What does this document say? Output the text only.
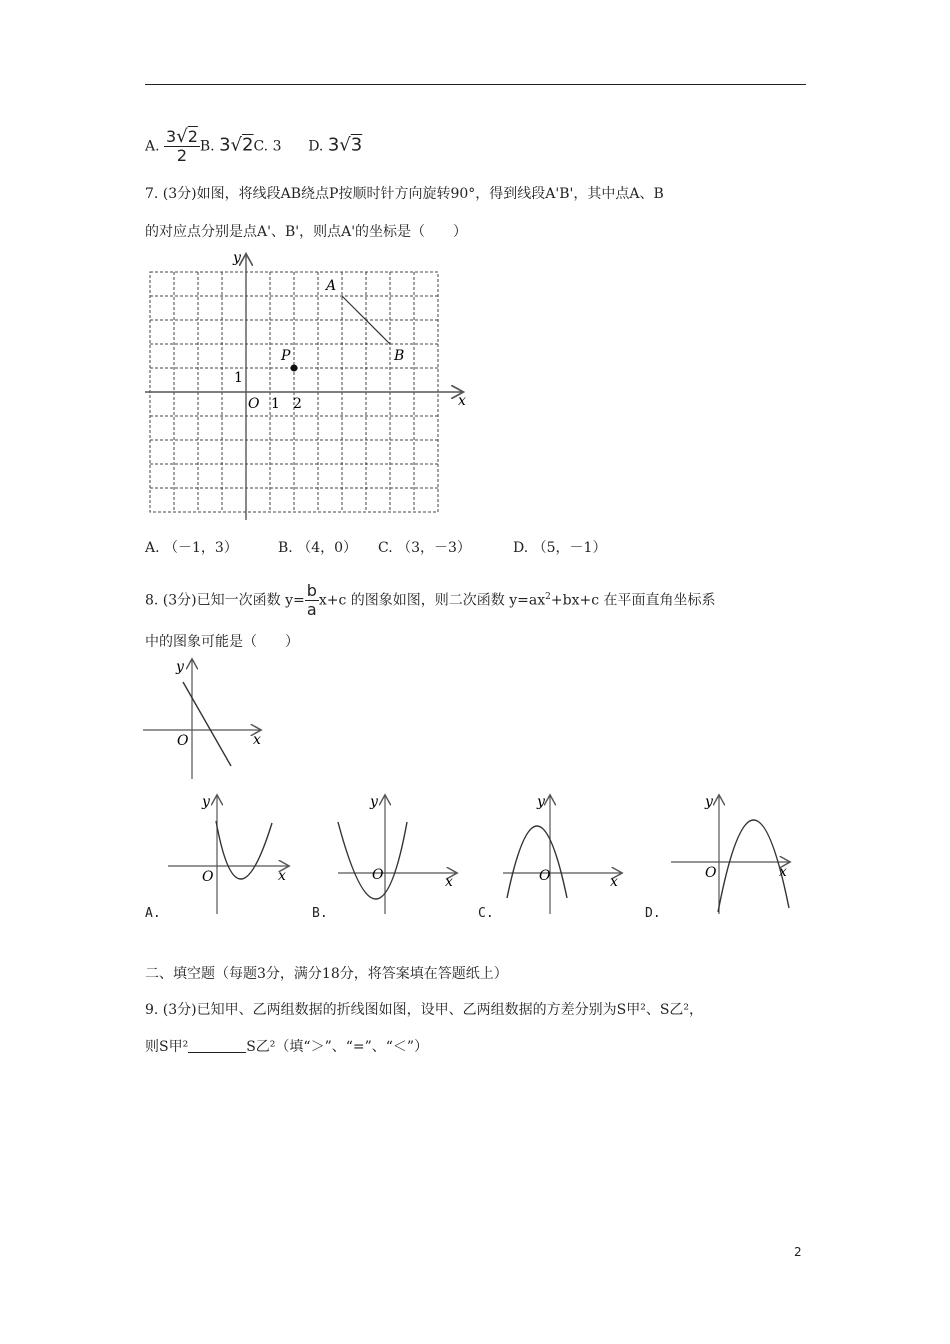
A. $\frac{3√2}{2} B$. 3√2C. 3 D. 3√3
7. (3分)如图，将线段AB绕点P按顺时针方向旋转90°，得到线段A'B'，其中点A、B
的对应点分别是点A'、B'，则点A'的坐标是（　　）
y
x
O 1 2
1
A
B
P
A. （－1，3）	B. （4，0） C. （3，－3）	D. （5，－1）
8. (3分)已知一次函数 $y= \frac{b}{a} x+c$ 的图象如图，则二次函数 $y=ax^2+bx+c$ 在平面直角坐标系
中的图象可能是（　　）
y
x
O
y
x
O
A.
y
x
O
B.
y
x
O
C.
y
x
O
D.
二、填空题（每题3分，满分18分，将答案填在答题纸上）
9. (3分)已知甲、乙两组数据的折线图如图，设甲、乙两组数据的方差分别为S甲²、S乙²，
则S甲²	S乙²（填“＞”、“=”、“＜”）
2
